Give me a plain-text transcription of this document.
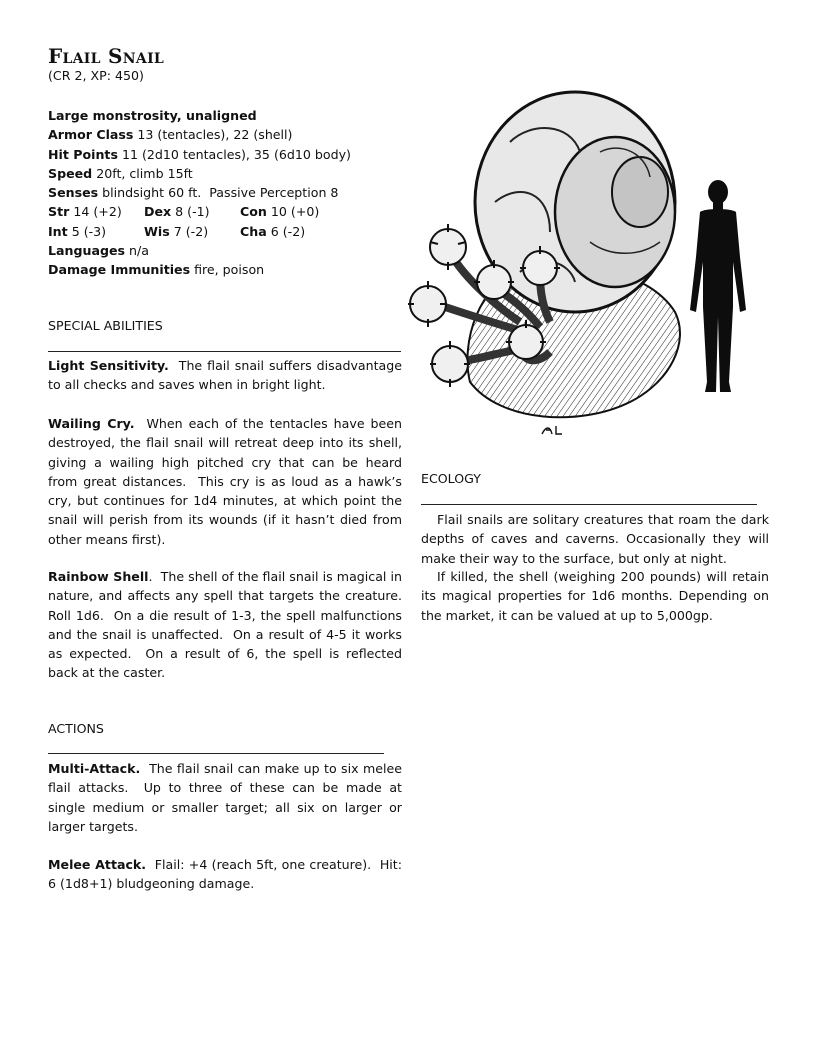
Flail Snail
(CR 2, XP: 450)
Large monstrosity, unaligned
Armor Class 13 (tentacles), 22 (shell)
Hit Points 11 (2d10 tentacles), 35 (6d10 body)
Speed 20ft, climb 15ft
Senses blindsight 60 ft.  Passive Perception 8
Str 14 (+2) Dex 8 (-1) Con 10 (+0)
Int 5 (-3)	Wis 7 (-2)	Cha 6 (-2)
Languages n/a
Damage Immunities fire, poison
SPECIAL ABILITIES

Light Sensitivity.  The flail snail suffers disadvantage to all checks and saves when in bright light.

Wailing Cry.  When each of the tentacles have been destroyed, the flail snail will retreat deep into its shell, giving a wailing high pitched cry that can be heard from great distances.  This cry is as loud as a hawk’s cry, but continues for 1d4 minutes, at which point the snail will perish from its wounds (if it hasn’t died from other means first).

Rainbow Shell.  The shell of the flail snail is magical in nature, and affects any spell that targets the creature.  Roll 1d6.  On a die result of 1-3, the spell malfunctions and the snail is unaffected.  On a result of 4-5 it works as expected.  On a result of 6, the spell is reflected back at the caster.

ACTIONS

Multi-Attack.  The flail snail can make up to six melee flail attacks.  Up to three of these can be made at single medium or smaller target; all six on larger or larger targets.

Melee Attack.  Flail: +4 (reach 5ft, one creature).  Hit: 6 (1d8+1) bludgeoning damage.

ECOLOGY

Flail snails are solitary creatures that roam the dark depths of caves and caverns. Occasionally they will make their way to the surface, but only at night.

If killed, the shell (weighing 200 pounds) will retain its magical properties for 1d6 months. Depending on the market, it can be valued at up to 5,000gp.
